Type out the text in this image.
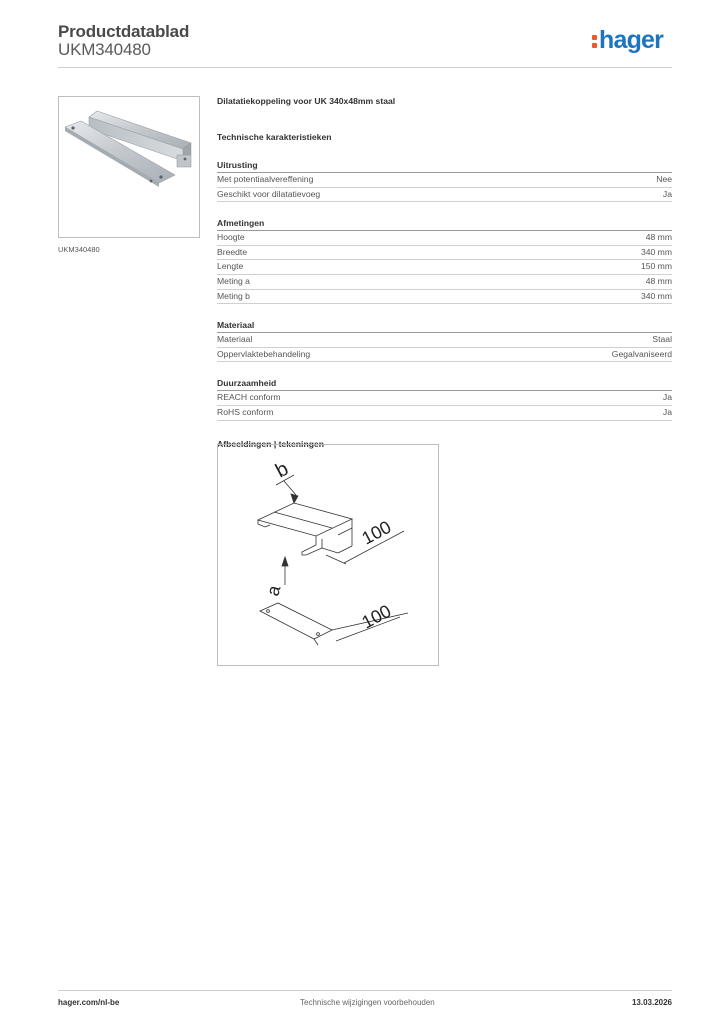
Productdatablad
UKM340480	hager
UKM340480
Dilatatiekoppeling voor UK 340x48mm staal
Technische karakteristieken
Uitrusting
Met potentiaalvereffening	Nee
Geschikt voor dilatatievoeg	Ja
Afmetingen
Hoogte	48 mm
Breedte	340 mm
Lengte	150 mm
Meting a	48 mm
Meting b	340 mm
Materiaal
Materiaal	Staal
Oppervlaktebehandeling	Gegalvaniseerd
Duurzaamheid
REACH conform	Ja
RoHS conform	Ja
Afbeeldingen | tekeningen
b
a
100
100
hager.com/nl-be	Technische wijzigingen voorbehouden	13.03.2026
